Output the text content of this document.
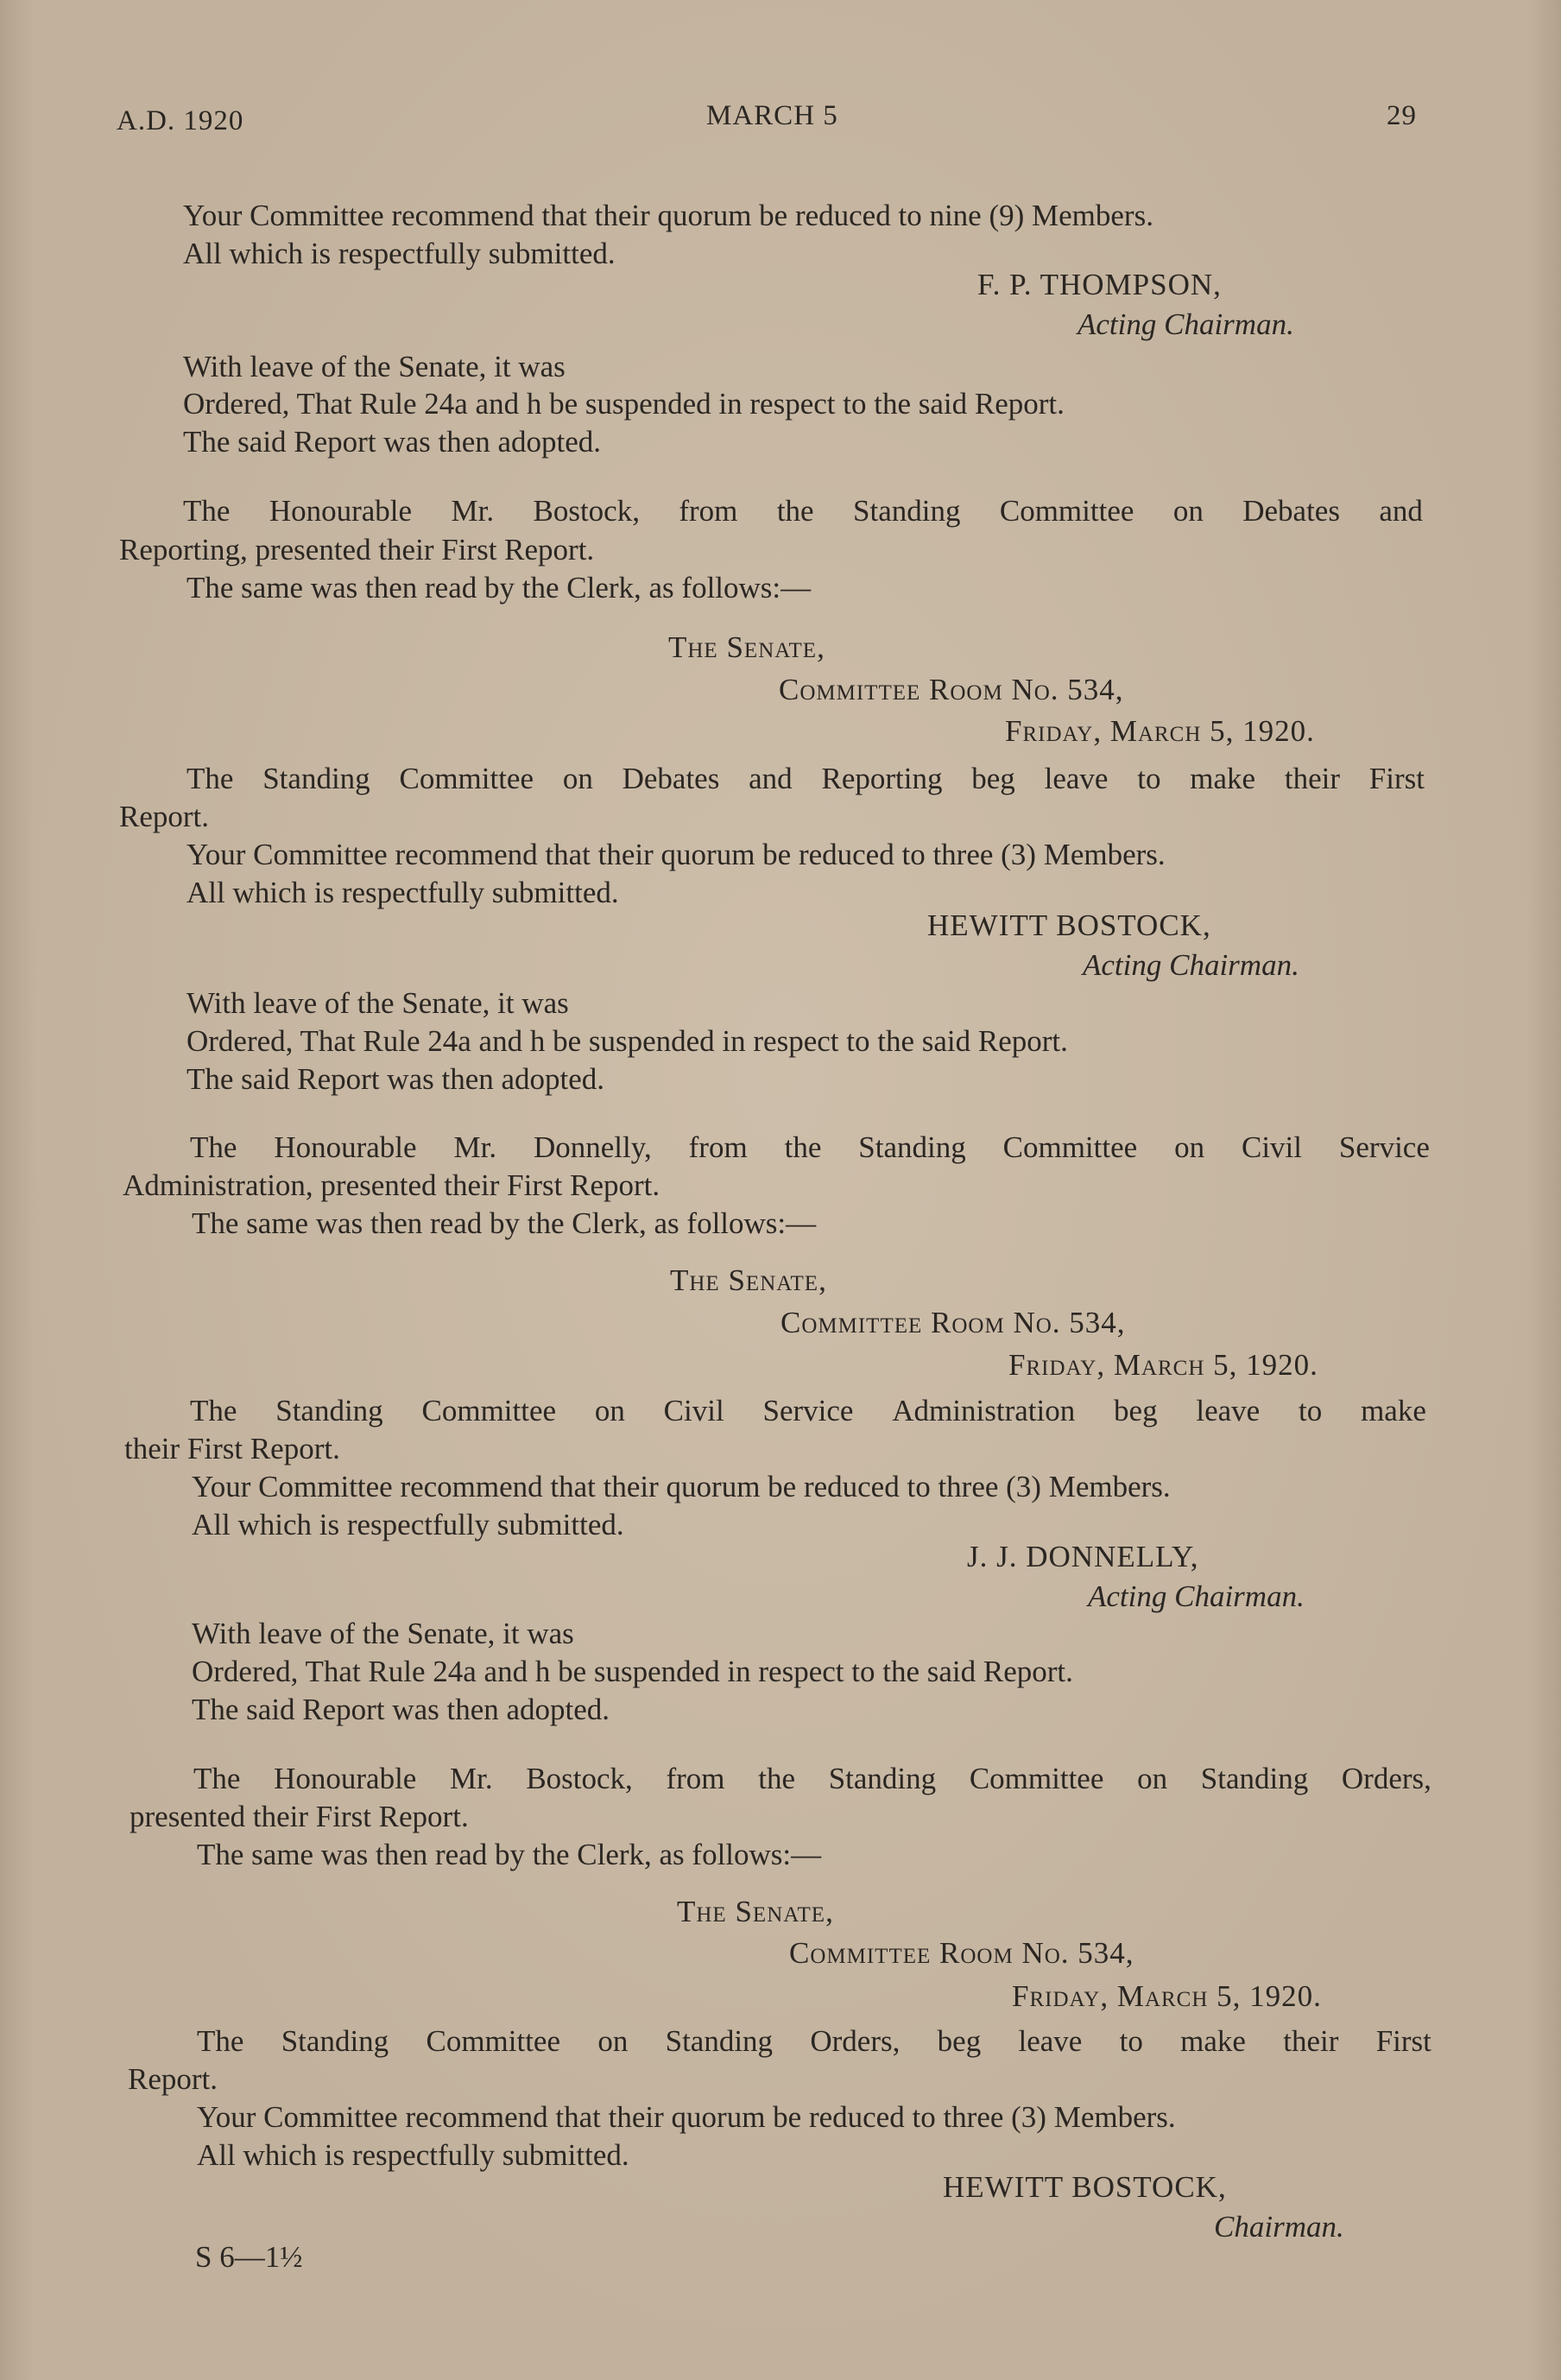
A.D. 1920	MARCH 5	29
Your Committee recommend that their quorum be reduced to nine (9) Members.
All which is respectfully submitted.
F. P. THOMPSON,
Acting Chairman.
With leave of the Senate, it was
Ordered, That Rule 24a and h be suspended in respect to the said Report.
The said Report was then adopted.
The Honourable Mr. Bostock, from the Standing Committee on Debates and
Reporting, presented their First Report.
The same was then read by the Clerk, as follows:—
The Senate,
Committee Room No. 534,
Friday, March 5, 1920.
The Standing Committee on Debates and Reporting beg leave to make their First
Report.
Your Committee recommend that their quorum be reduced to three (3) Members.
All which is respectfully submitted.
HEWITT BOSTOCK,
Acting Chairman.
With leave of the Senate, it was
Ordered, That Rule 24a and h be suspended in respect to the said Report.
The said Report was then adopted.
The Honourable Mr. Donnelly, from the Standing Committee on Civil Service
Administration, presented their First Report.
The same was then read by the Clerk, as follows:—
The Senate,
Committee Room No. 534,
Friday, March 5, 1920.
The Standing Committee on Civil Service Administration beg leave to make
their First Report.
Your Committee recommend that their quorum be reduced to three (3) Members.
All which is respectfully submitted.
J. J. DONNELLY,
Acting Chairman.
With leave of the Senate, it was
Ordered, That Rule 24a and h be suspended in respect to the said Report.
The said Report was then adopted.
The Honourable Mr. Bostock, from the Standing Committee on Standing Orders,
presented their First Report.
The same was then read by the Clerk, as follows:—
The Senate,
Committee Room No. 534,
Friday, March 5, 1920.
The Standing Committee on Standing Orders, beg leave to make their First
Report.
Your Committee recommend that their quorum be reduced to three (3) Members.
All which is respectfully submitted.
HEWITT BOSTOCK,
Chairman.
S 6—1½
